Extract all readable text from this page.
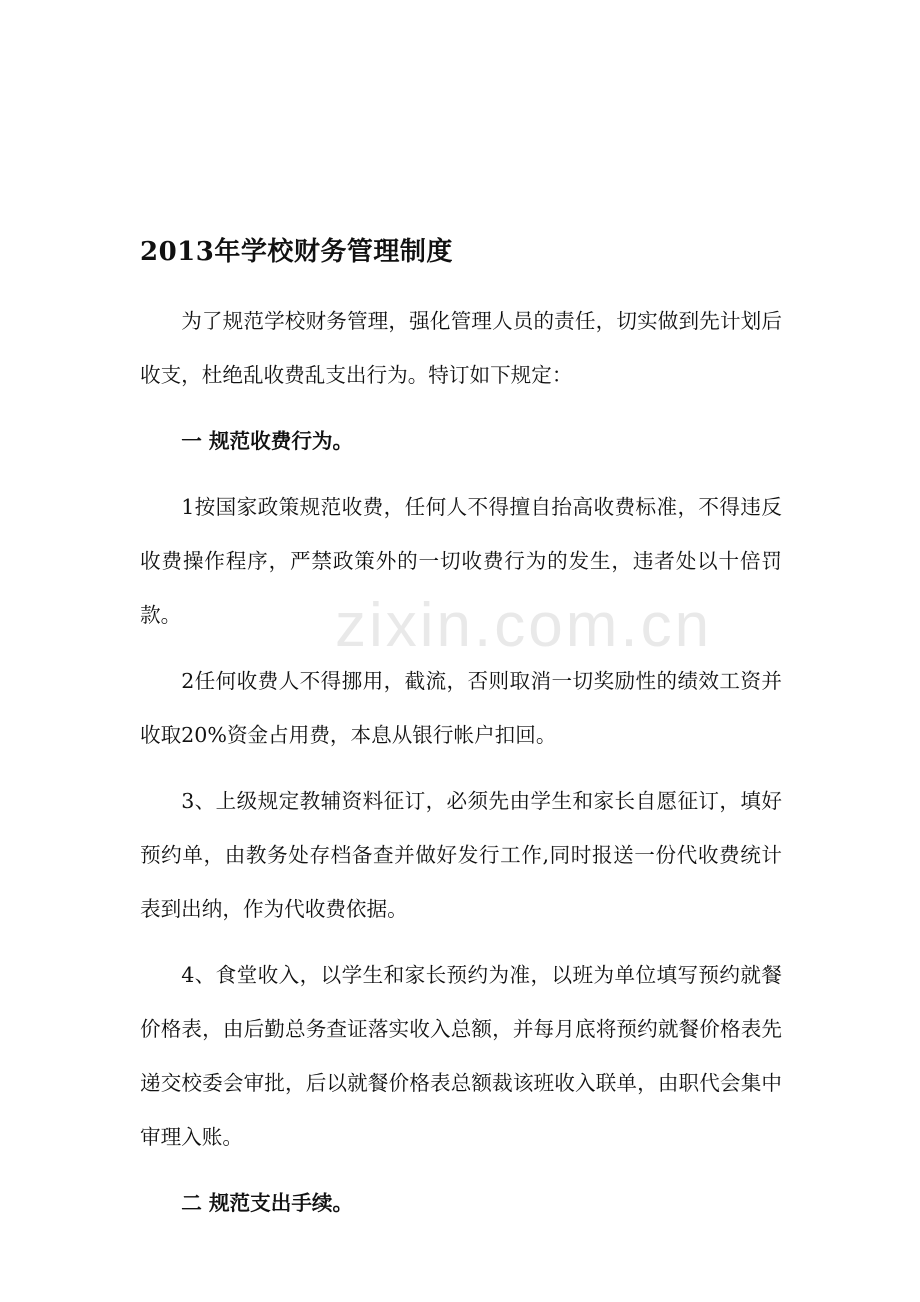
zixin.com.cn
2013年学校财务管理制度

为了规范学校财务管理，强化管理人员的责任，切实做到先计划后收支，杜绝乱收费乱支出行为。特订如下规定：

一 规范收费行为。

1按国家政策规范收费，任何人不得擅自抬高收费标准，不得违反收费操作程序，严禁政策外的一切收费行为的发生，违者处以十倍罚款。

2任何收费人不得挪用，截流，否则取消一切奖励性的绩效工资并收取20%资金占用费，本息从银行帐户扣回。

3、上级规定教辅资料征订，必须先由学生和家长自愿征订，填好预约单，由教务处存档备查并做好发行工作,同时报送一份代收费统计表到出纳，作为代收费依据。

4、食堂收入，以学生和家长预约为准，以班为单位填写预约就餐价格表，由后勤总务查证落实收入总额，并每月底将预约就餐价格表先递交校委会审批，后以就餐价格表总额裁该班收入联单，由职代会集中审理入账。

二 规范支出手续。
